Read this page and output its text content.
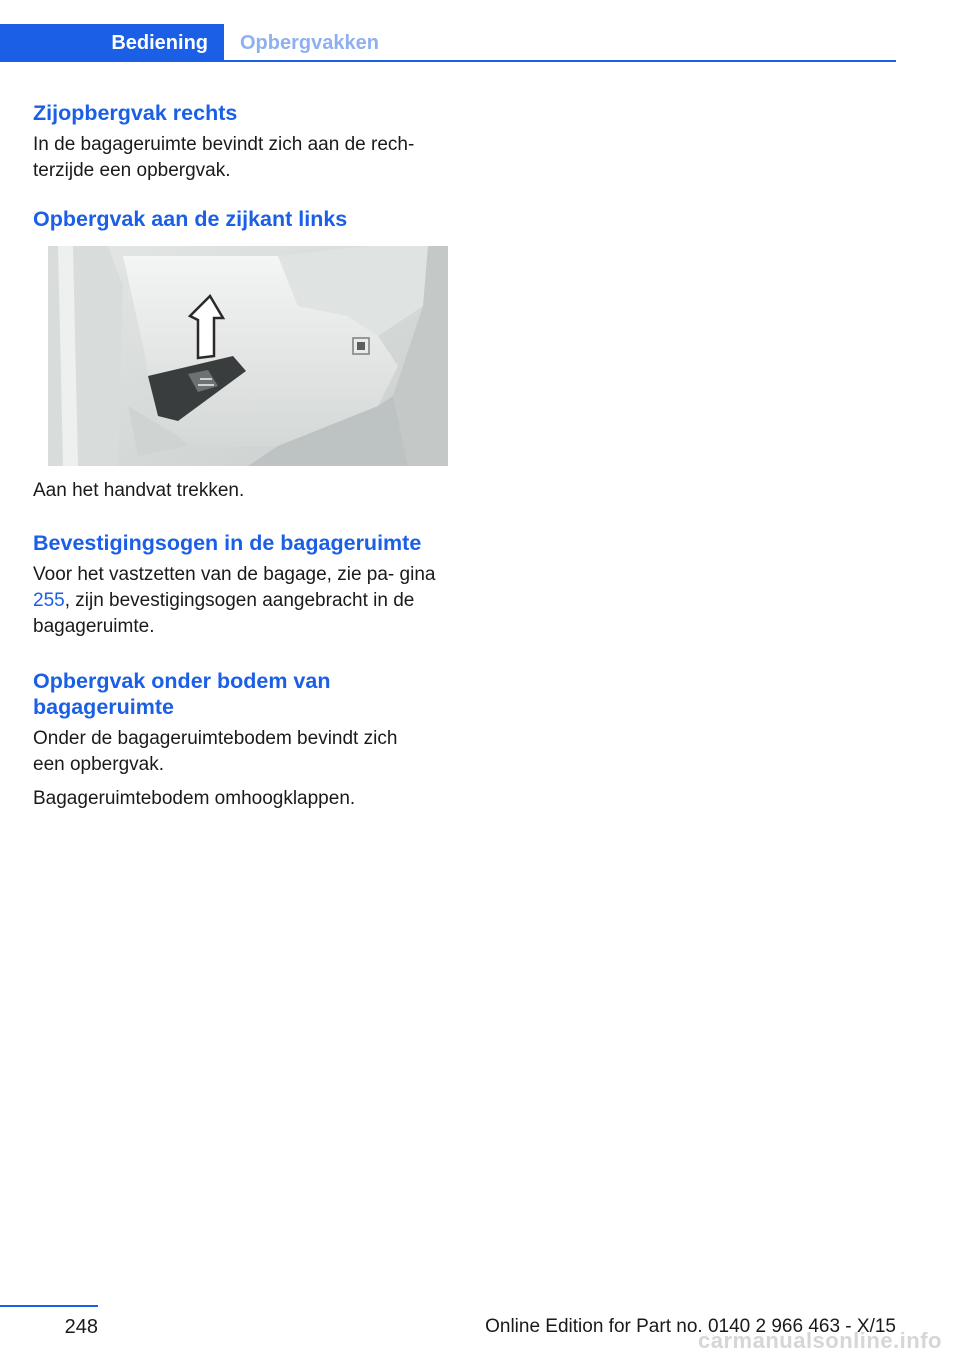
Bediening	Opbergvakken
Zijopbergvak rechts

In de bagageruimte bevindt zich aan de rech‐ terzijde een opbergvak.

Opbergvak aan de zijkant links

Aan het handvat trekken.

Bevestigingsogen in de bagageruimte

Voor het vastzetten van de bagage, zie pa‐ gina 255, zijn bevestigingsogen aangebracht in de bagageruimte.

Opbergvak onder bodem van bagageruimte

Onder de bagageruimtebodem bevindt zich een opbergvak.

Bagageruimtebodem omhoogklappen.

248	Online Edition for Part no. 0140 2 966 463 - X/15
carmanualsonline.info
